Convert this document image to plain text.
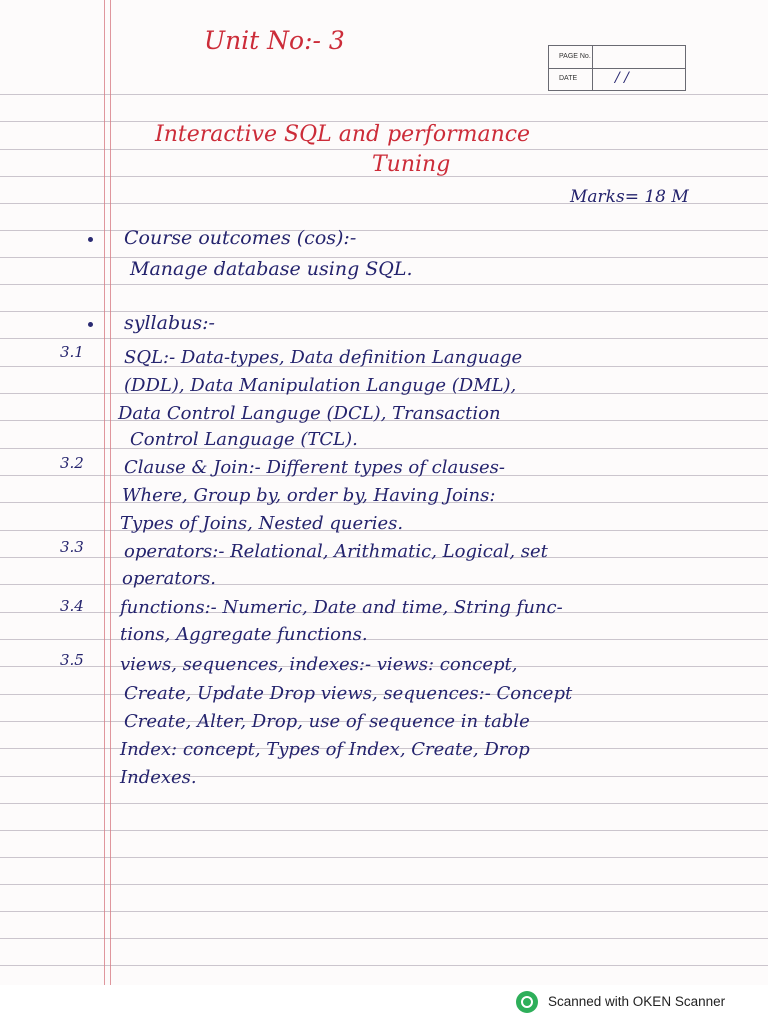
PAGE No.
DATE	/ /
Unit No:- 3
Interactive SQL and performance
Tuning
Marks= 18 M
Course outcomes (cos):-
Manage database using SQL.
syllabus:-
3.1 SQL:- Data-types, Data definition Language
(DDL), Data Manipulation Languge (DML),
Data Control Languge (DCL), Transaction
Control Language (TCL).
3.2 Clause & Join:- Different types of clauses-
Where, Group by, order by, Having Joins:
Types of Joins, Nested queries.
3.3 operators:- Relational, Arithmatic, Logical, set
operators.
3.4 functions:- Numeric, Date and time, String func-
tions, Aggregate functions.
3.5 views, sequences, indexes:- views: concept,
Create, Update Drop views, sequences:- Concept
Create, Alter, Drop, use of sequence in table
Index: concept, Types of Index, Create, Drop
Indexes.
Scanned with OKEN Scanner
